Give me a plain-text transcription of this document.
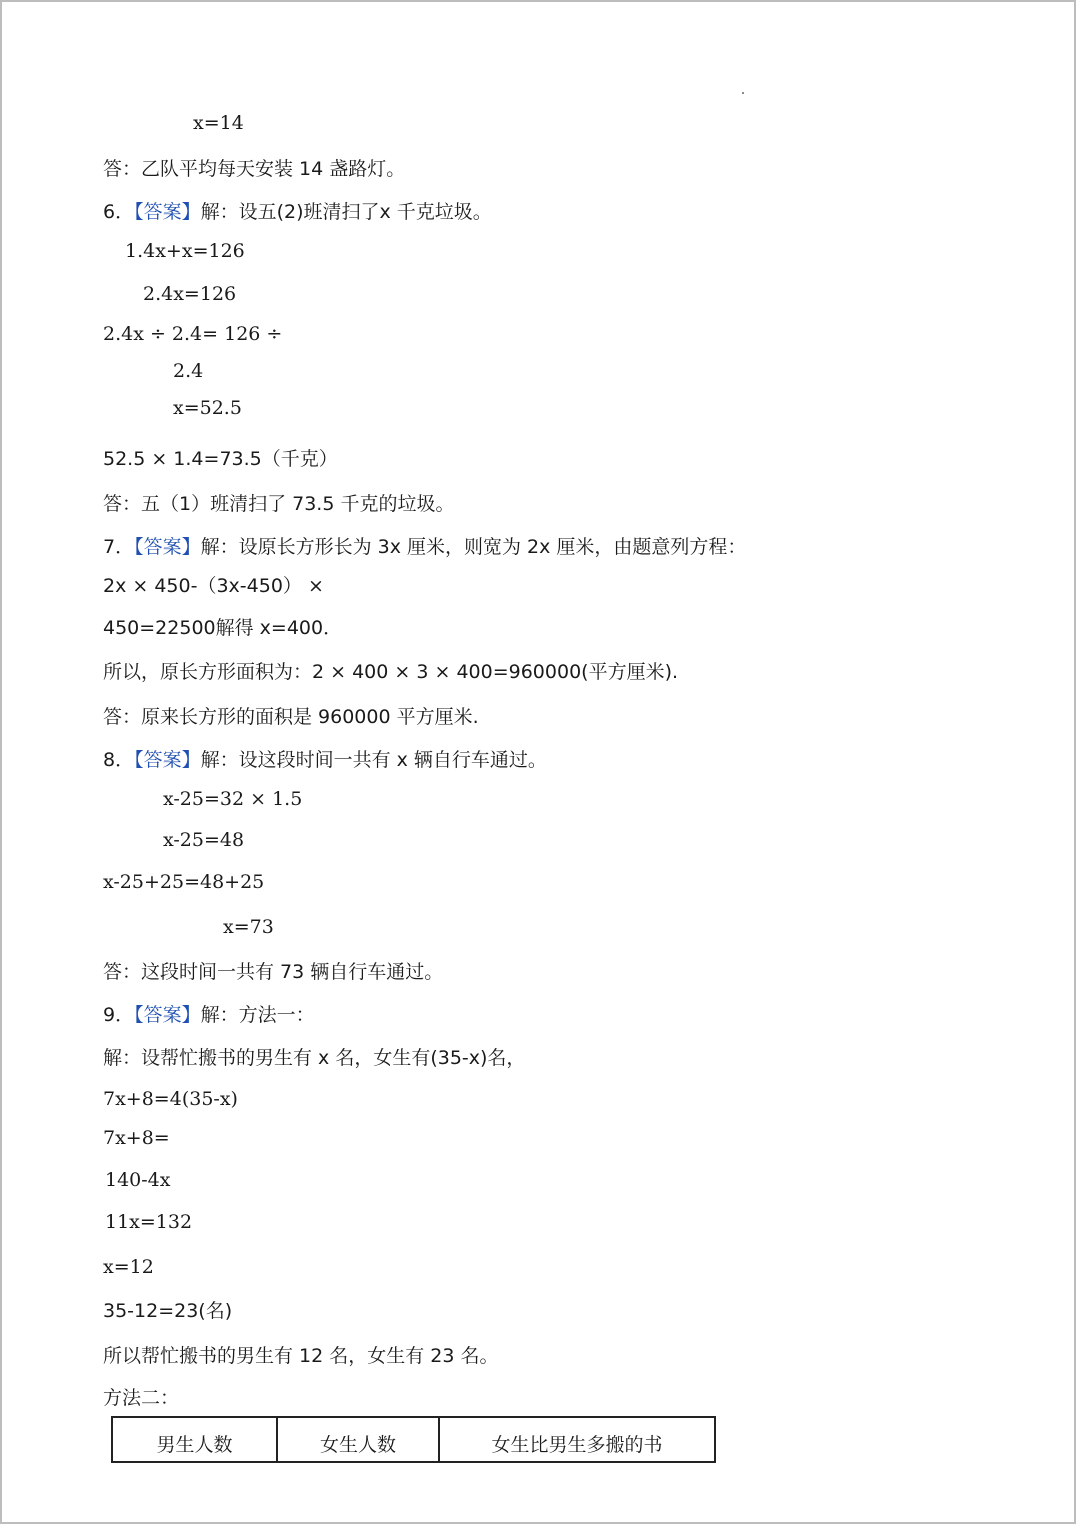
x=14
答：乙队平均每天安装 14 盏路灯。
6．【答案】解：设五(2)班清扫了x 千克垃圾。
1.4x+x=126
2.4x=126
2.4x ÷ 2.4= 126 ÷
2.4
x=52.5
52.5 × 1.4=73.5（千克）
答：五（1）班清扫了 73.5 千克的垃圾。
7．【答案】解：设原长方形长为 3x 厘米，则宽为 2x 厘米，由题意列方程：
2x × 450-（3x-450） ×
450=22500解得 x=400．
所以，原长方形面积为：2 × 400 × 3 × 400=960000(平方厘米).
答：原来长方形的面积是 960000 平方厘米.
8．【答案】解：设这段时间一共有 x 辆自行车通过。
x-25=32 × 1.5
x-25=48
x-25+25=48+25
x=73
答：这段时间一共有 73 辆自行车通过。
9．【答案】解：方法一：
解：设帮忙搬书的男生有 x 名，女生有(35-x)名，
7x+8=4(35-x)
7x+8=
140-4x
11x=132
x=12
35-12=23(名)
所以帮忙搬书的男生有 12 名，女生有 23 名。
方法二：
男生人数	女生人数	女生比男生多搬的书
